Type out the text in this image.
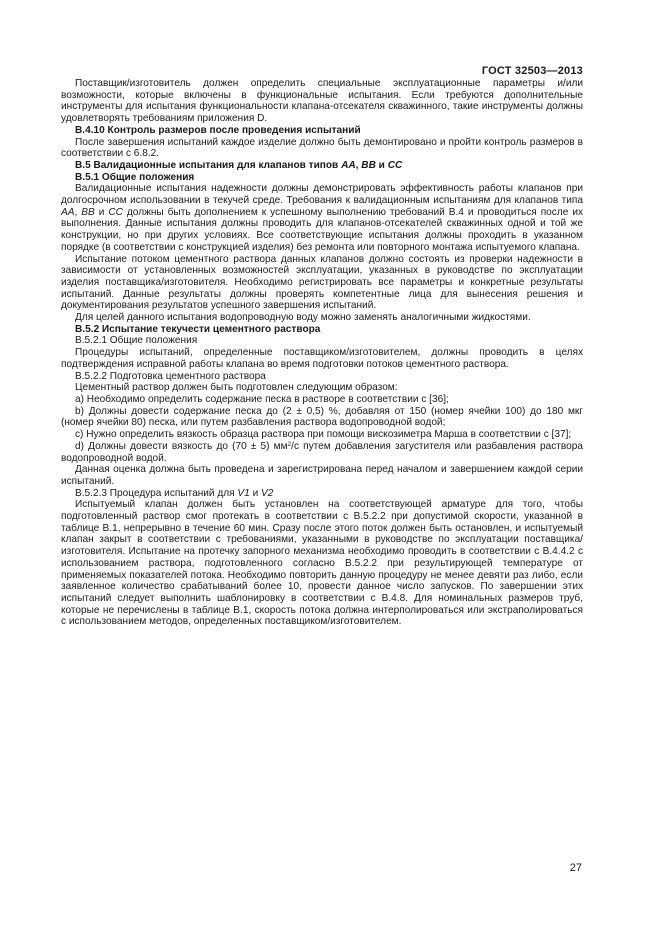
ГОСТ 32503—2013

Поставщик/изготовитель должен определить специальные эксплуатационные параметры и/или возможности, которые включены в функциональные испытания. Если требуются дополнительные инструменты для испытания функциональности клапана-отсекателя скважинного, такие инструменты должны удовлетворять требованиям приложения D.

В.4.10 Контроль размеров после проведения испытаний

После завершения испытаний каждое изделие должно быть демонтировано и пройти контроль размеров в соответствии с 6.8.2.

В.5 Валидационные испытания для клапанов типов АА, ВВ и СС

В.5.1 Общие положения

Валидационные испытания надежности должны демонстрировать эффективность работы клапанов при долгосрочном использовании в текучей среде. Требования к валидационным испытаниям для клапанов типа АА, ВВ и СС должны быть дополнением к успешному выполнению требований В.4 и проводиться после их выполнения. Данные испытания должны проводить для клапанов-отсекателей скважинных одной и той же конструкции, но при других условиях. Все соответствующие испытания должны проходить в указанном порядке (в соответствии с конструкцией изделия) без ремонта или повторного монтажа испытуемого клапана.

Испытание потоком цементного раствора данных клапанов должно состоять из проверки надежности в зависимости от установленных возможностей эксплуатации, указанных в руководстве по эксплуатации изделия поставщика/изготовителя. Необходимо регистрировать все параметры и конкретные результаты испытаний. Данные результаты должны проверять компетентные лица для вынесения решения и документирования результатов успешного завершения испытаний.

Для целей данного испытания водопроводную воду можно заменять аналогичными жидкостями.

В.5.2 Испытание текучести цементного раствора

В.5.2.1 Общие положения

Процедуры испытаний, определенные поставщиком/изготовителем, должны проводить в целях подтверждения исправной работы клапана во время подготовки потоков цементного раствора.

В.5.2.2 Подготовка цементного раствора

Цементный раствор должен быть подготовлен следующим образом:

а) Необходимо определить содержание песка в растворе в соответствии с [36];

b) Должны довести содержание песка до (2 ± 0,5) %, добавляя от 150 (номер ячейки 100) до 180 мкг (номер ячейки 80) песка, или путем разбавления раствора водопроводной водой;

c) Нужно определить вязкость образца раствора при помощи вискозиметра Марша в соответствии с [37];

d) Должны довести вязкость до (70 ± 5) $мм^2/с$ путем добавления загустителя или разбавления раствора водопроводной водой.

Данная оценка должна быть проведена и зарегистрирована перед началом и завершением каждой серии испытаний.

В.5.2.3 Процедура испытаний для V1 и V2

Испытуемый клапан должен быть установлен на соответствующей арматуре для того, чтобы подготовленный раствор смог протекать в соответствии с В.5.2.2 при допустимой скорости, указанной в таблице В.1, непрерывно в течение 60 мин. Сразу после этого поток должен быть остановлен, и испытуемый клапан закрыт в соответствии с требованиями, указанными в руководстве по эксплуатации поставщика/изготовителя. Испытание на протечку запорного механизма необходимо проводить в соответствии с В.4.4.2 с использованием раствора, подготовленного согласно В.5.2.2 при результирующей температуре от применяемых показателей потока. Необходимо повторить данную процедуру не менее девяти раз либо, если заявленное количество срабатываний более 10, провести данное число запусков. По завершении этих испытаний следует выполнить шаблонировку в соответствии с В.4.8. Для номинальных размеров труб, которые не перечислены в таблице В.1, скорость потока должна интерполироваться или экстраполироваться с использованием методов, определенных поставщиком/изготовителем.

27
